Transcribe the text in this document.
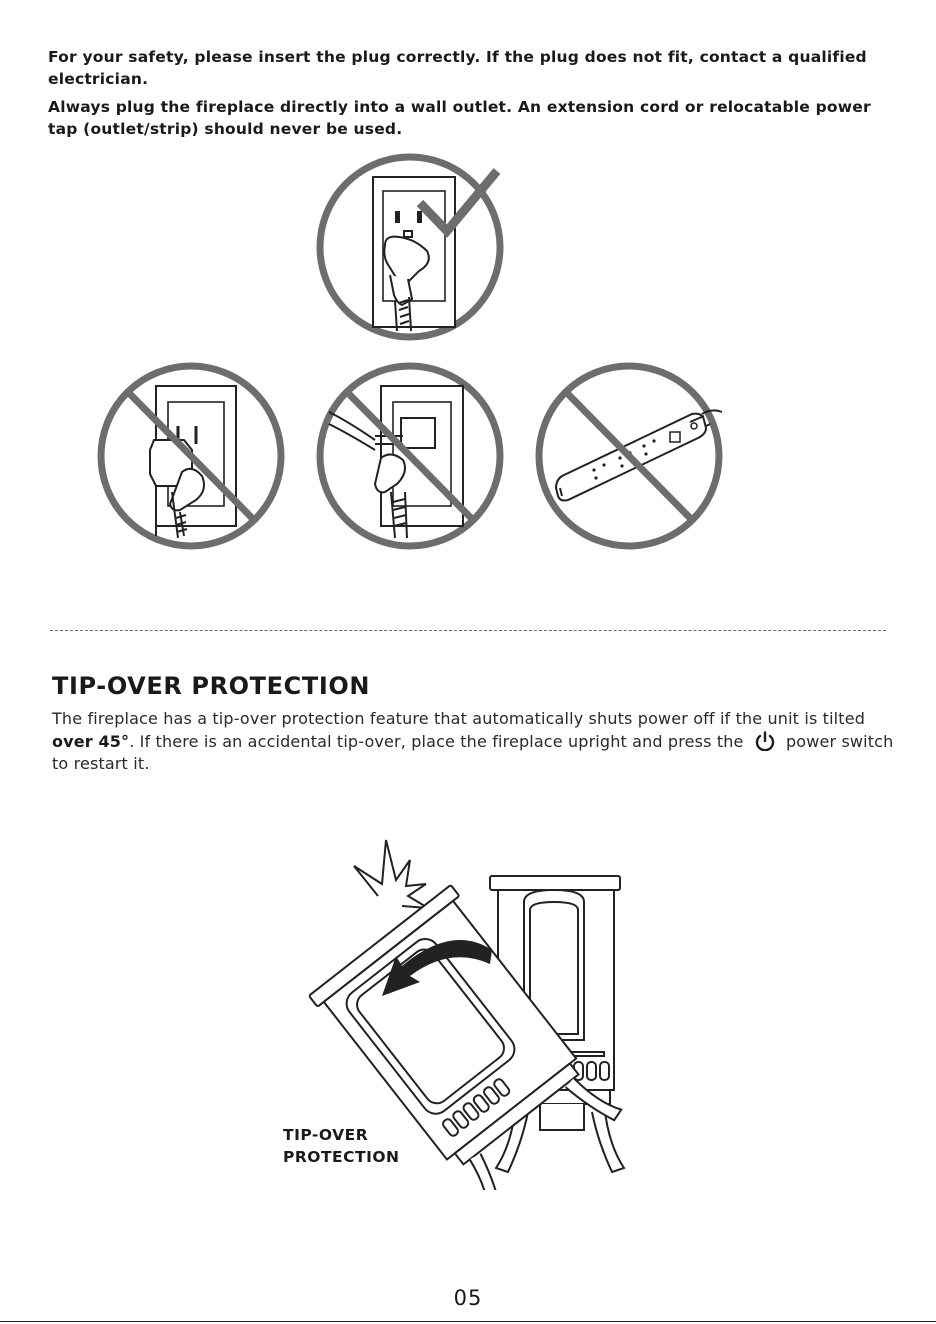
For your safety, please insert the plug correctly. If the plug does not fit, contact a qualified electrician.

Always plug the fireplace directly into a wall outlet. An extension cord or relocatable power tap (outlet/strip) should never be used.

TIP-OVER PROTECTION

The fireplace has a tip-over protection feature that automatically shuts power off if the unit is tilted over 45°. If there is an accidental tip-over, place the fireplace upright and press the  power switch to restart it.

TIP-OVER
PROTECTION

05
